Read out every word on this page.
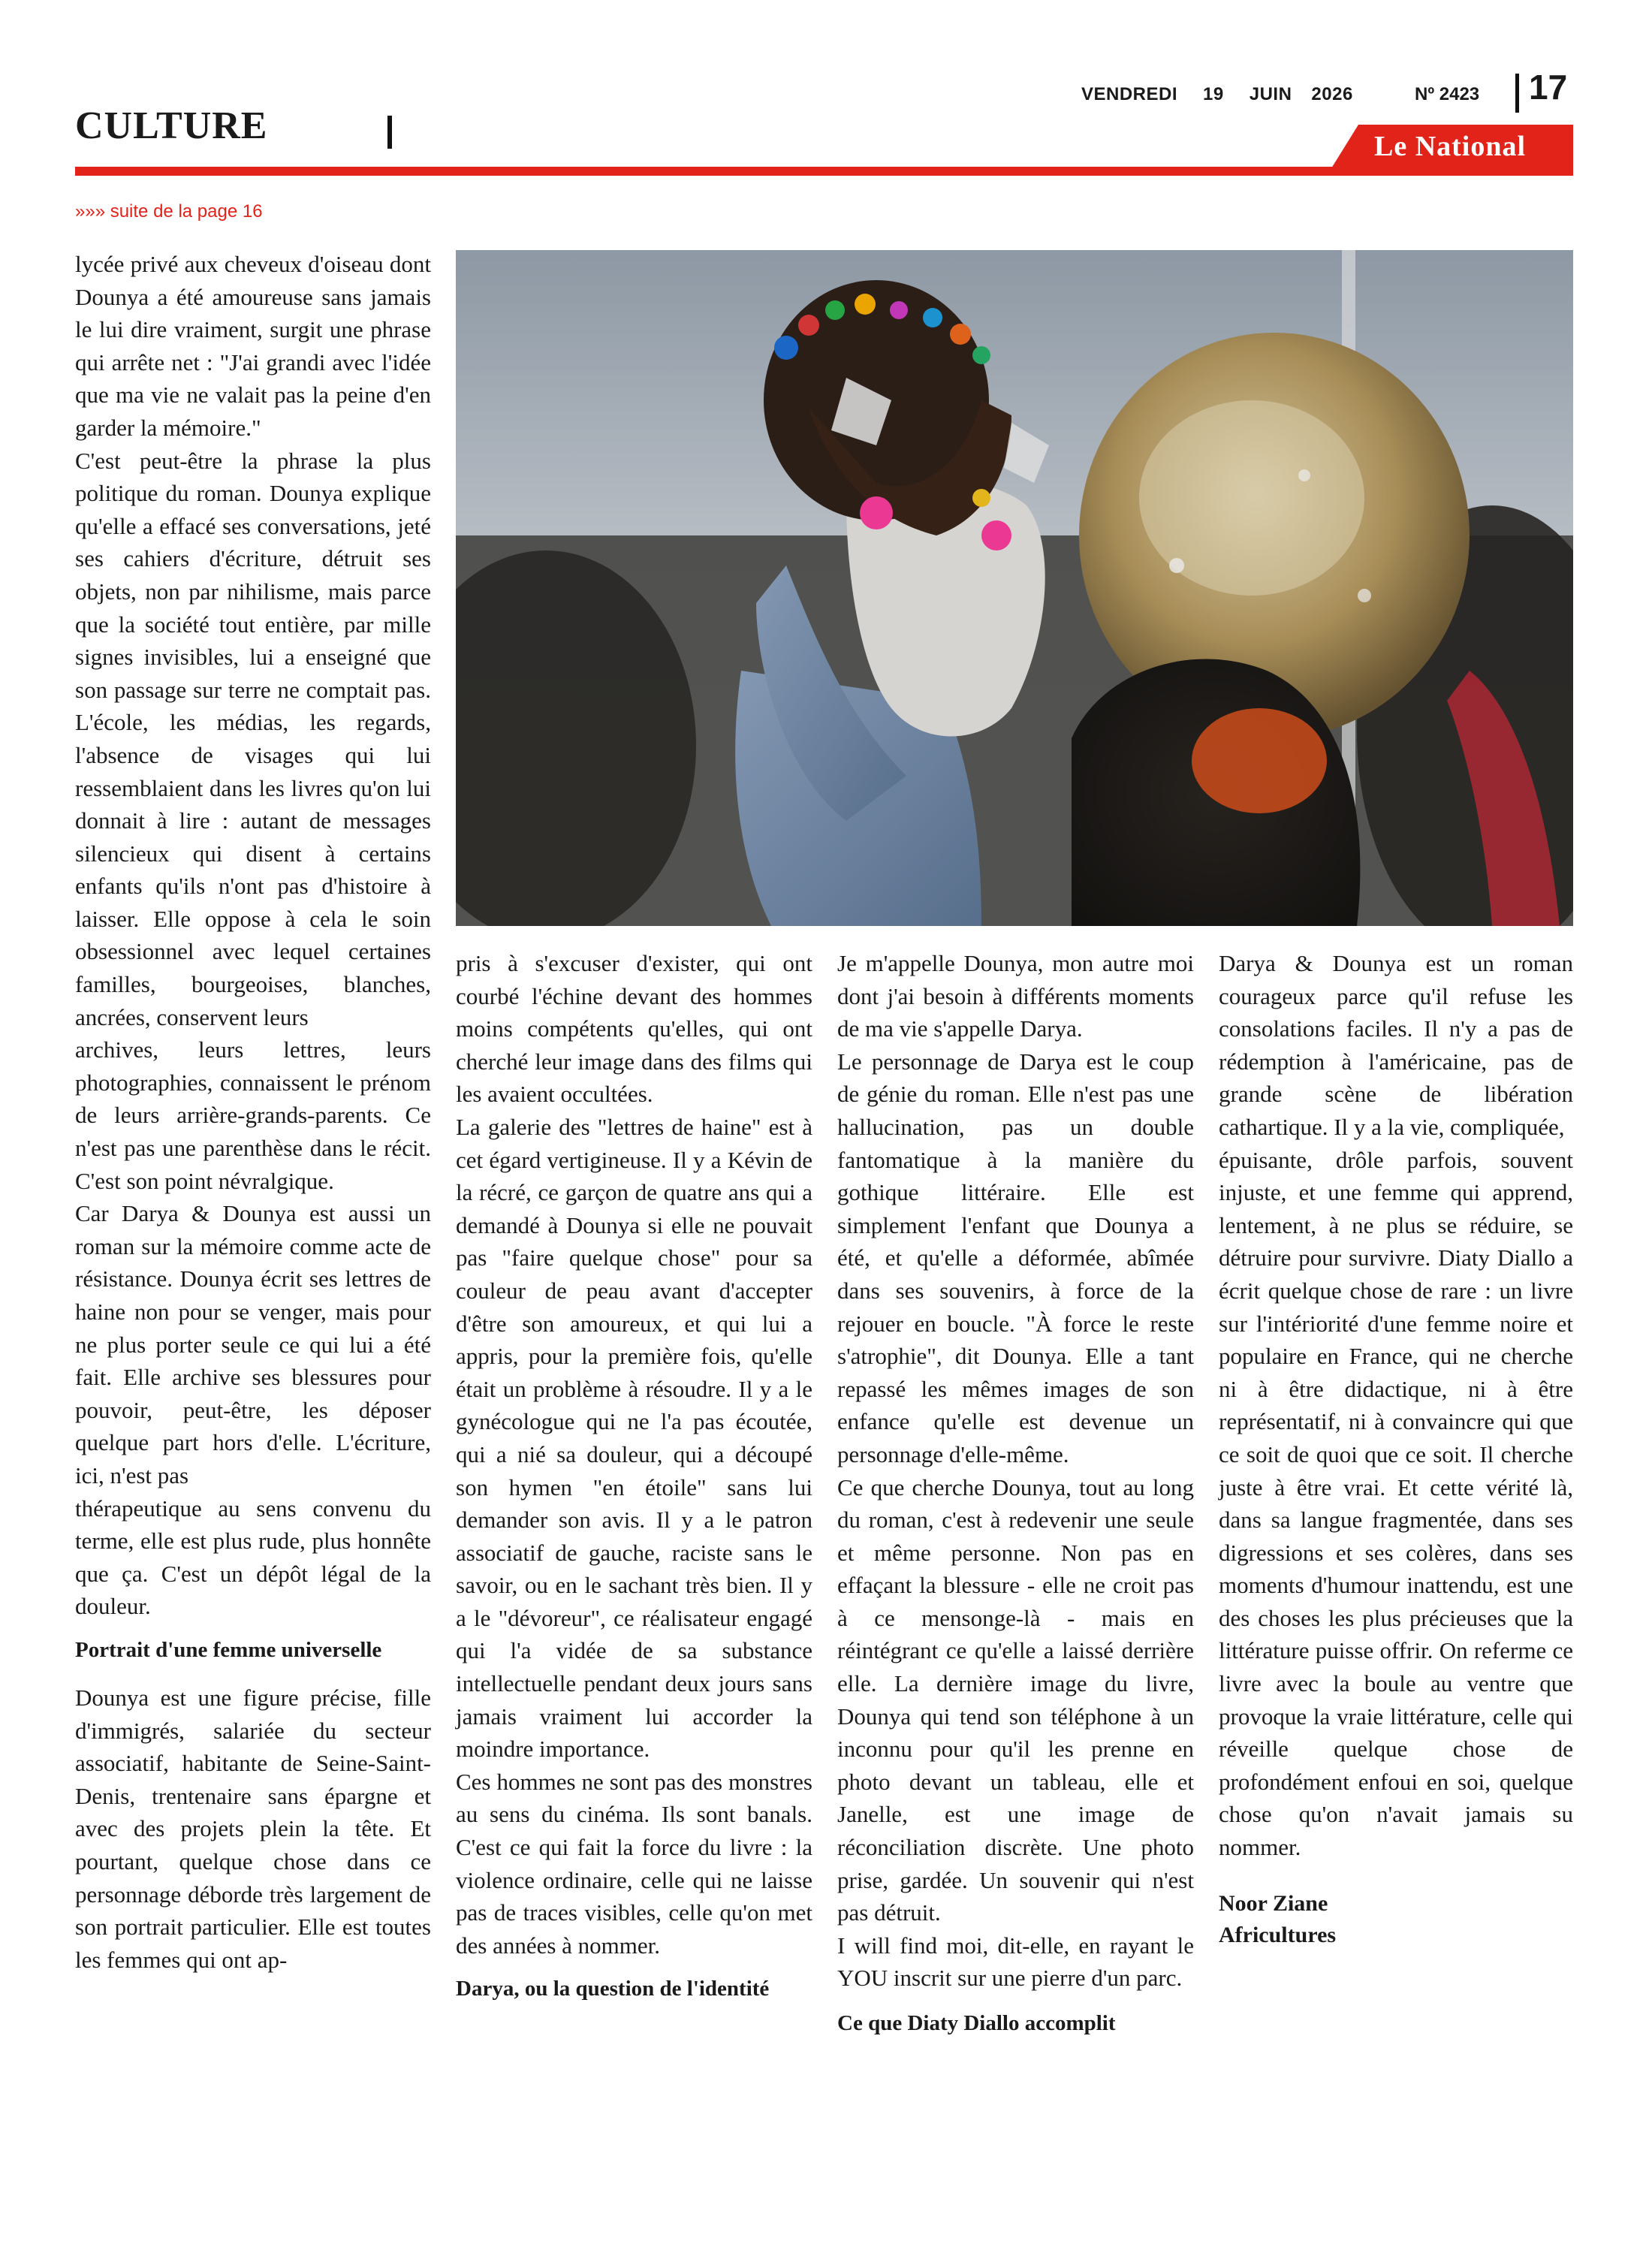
VENDREDI 19 JUIN 2026	Nº 2423 17
CULTURE	Le National
»»» suite de la page 16

lycée privé aux cheveux d'oiseau dont Dounya a été amoureuse sans jamais le lui dire vraiment, surgit une phrase qui arrête net : "J'ai grandi avec l'idée que ma vie ne valait pas la peine d'en garder la mémoire."

C'est peut-être la phrase la plus politique du roman. Dounya explique qu'elle a effacé ses conversations, jeté ses cahiers d'écriture, détruit ses objets, non par nihilisme, mais parce que la société tout entière, par mille signes invisibles, lui a enseigné que son passage sur terre ne comptait pas. L'école, les médias, les regards, l'absence de visages qui lui ressemblaient dans les livres qu'on lui donnait à lire : autant de messages silencieux qui disent à certains enfants qu'ils n'ont pas d'histoire à laisser. Elle oppose à cela le soin obsessionnel avec lequel certaines familles, bourgeoises, blanches, ancrées, conservent leurs

archives, leurs lettres, leurs photographies, connaissent le prénom de leurs arrière-grands-parents. Ce n'est pas une parenthèse dans le récit. C'est son point névralgique.

Car Darya & Dounya est aussi un roman sur la mémoire comme acte de résistance. Dounya écrit ses lettres de haine non pour se venger, mais pour ne plus porter seule ce qui lui a été fait. Elle archive ses blessures pour pouvoir, peut-être, les déposer quelque part hors d'elle. L'écriture, ici, n'est pas

thérapeutique au sens convenu du terme, elle est plus rude, plus honnête que ça. C'est un dépôt légal de la douleur.

Portrait d'une femme universelle

Dounya est une figure précise, fille d'immigrés, salariée du secteur associatif, habitante de Seine-Saint-Denis, trentenaire sans épargne et avec des projets plein la tête. Et pourtant, quelque chose dans ce personnage déborde très largement de son portrait particulier. Elle est toutes les femmes qui ont ap-

pris à s'excuser d'exister, qui ont courbé l'échine devant des hommes moins compétents qu'elles, qui ont cherché leur image dans des films qui les avaient occultées.

La galerie des "lettres de haine" est à cet égard vertigineuse. Il y a Kévin de la récré, ce garçon de quatre ans qui a demandé à Dounya si elle ne pouvait pas "faire quelque chose" pour sa couleur de peau avant d'accepter d'être son amoureux, et qui lui a appris, pour la première fois, qu'elle était un problème à résoudre. Il y a le gynécologue qui ne l'a pas écoutée, qui a nié sa douleur, qui a découpé son hymen "en étoile" sans lui demander son avis. Il y a le patron associatif de gauche, raciste sans le savoir, ou en le sachant très bien. Il y a le "dévoreur", ce réalisateur engagé qui l'a vidée de sa substance intellectuelle pendant deux jours sans jamais vraiment lui accorder la moindre importance.

Ces hommes ne sont pas des monstres au sens du cinéma. Ils sont banals. C'est ce qui fait la force du livre : la violence ordinaire, celle qui ne laisse pas de traces visibles, celle qu'on met des années à nommer.

Darya, ou la question de l'identité

Je m'appelle Dounya, mon autre moi dont j'ai besoin à différents moments de ma vie s'appelle Darya.

Le personnage de Darya est le coup de génie du roman. Elle n'est pas une hallucination, pas un double fantomatique à la manière du gothique littéraire. Elle est simplement l'enfant que Dounya a été, et qu'elle a déformée, abîmée dans ses souvenirs, à force de la rejouer en boucle. "À force le reste s'atrophie", dit Dounya. Elle a tant repassé les mêmes images de son enfance qu'elle est devenue un personnage d'elle-même.

Ce que cherche Dounya, tout au long du roman, c'est à redevenir une seule et même personne. Non pas en effaçant la blessure - elle ne croit pas à ce mensonge-là - mais en réintégrant ce qu'elle a laissé derrière elle. La dernière image du livre, Dounya qui tend son téléphone à un inconnu pour qu'il les prenne en photo devant un tableau, elle et Janelle, est une image de réconciliation discrète. Une photo prise, gardée. Un souvenir qui n'est pas détruit.

I will find moi, dit-elle, en rayant le YOU inscrit sur une pierre d'un parc.

Ce que Diaty Diallo accomplit

Darya & Dounya est un roman courageux parce qu'il refuse les consolations faciles. Il n'y a pas de rédemption à l'américaine, pas de grande scène de libération cathartique. Il y a la vie, compliquée,

épuisante, drôle parfois, souvent injuste, et une femme qui apprend, lentement, à ne plus se réduire, se détruire pour survivre. Diaty Diallo a écrit quelque chose de rare : un livre sur l'intériorité d'une femme noire et populaire en France, qui ne cherche ni à être didactique, ni à être représentatif, ni à convaincre qui que ce soit de quoi que ce soit. Il cherche juste à être vrai. Et cette vérité là, dans sa langue fragmentée, dans ses digressions et ses colères, dans ses moments d'humour inattendu, est une des choses les plus précieuses que la littérature puisse offrir. On referme ce livre avec la boule au ventre que provoque la vraie littérature, celle qui réveille quelque chose de profondément enfoui en soi, quelque chose qu'on n'avait jamais su nommer.

Noor Ziane
Africultures
